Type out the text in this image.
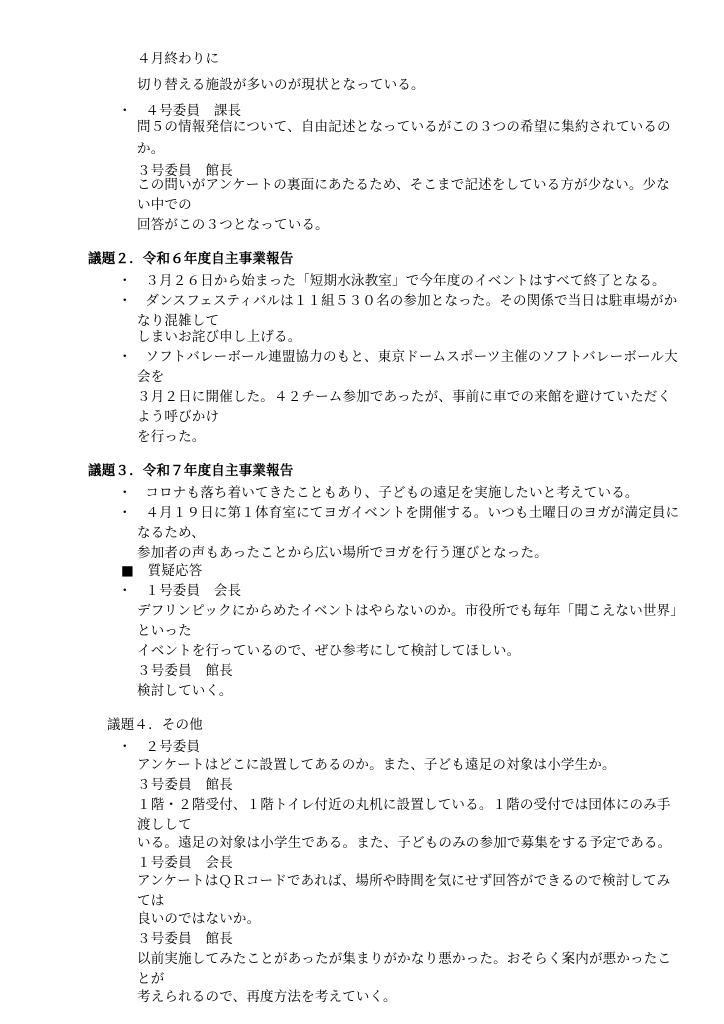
４月終わりに
切り替える施設が多いのが現状となっている。
・　４号委員　課長
問５の情報発信について、自由記述となっているがこの３つの希望に集約されているの
か。
３号委員　館長
この問いがアンケートの裏面にあたるため、そこまで記述をしている方が少ない。少な
い中での
回答がこの３つとなっている。
議題２．令和６年度自主事業報告
・　３月２６日から始まった「短期水泳教室」で今年度のイベントはすべて終了となる。
・　ダンスフェスティバルは１１組５３０名の参加となった。その関係で当日は駐車場がか
なり混雑して
しまいお詫び申し上げる。
・　ソフトバレーボール連盟協力のもと、東京ドームスポーツ主催のソフトバレーボール大
会を
３月２日に開催した。４２チーム参加であったが、事前に車での来館を避けていただく
よう呼びかけ
を行った。
議題３．令和７年度自主事業報告
・　コロナも落ち着いてきたこともあり、子どもの遠足を実施したいと考えている。
・　４月１９日に第１体育室にてヨガイベントを開催する。いつも土曜日のヨガが満定員に
なるため、
参加者の声もあったことから広い場所でヨガを行う運びとなった。
■　質疑応答
・　１号委員　会長
デフリンピックにからめたイベントはやらないのか。市役所でも毎年「聞こえない世界」
といった
イベントを行っているので、ぜひ参考にして検討してほしい。
３号委員　館長
検討していく。
議題４．その他
・　２号委員
アンケートはどこに設置してあるのか。また、子ども遠足の対象は小学生か。
３号委員　館長
１階・２階受付、１階トイレ付近の丸机に設置している。１階の受付では団体にのみ手
渡しして
いる。遠足の対象は小学生である。また、子どものみの参加で募集をする予定である。
１号委員　会長
アンケートはＱＲコードであれば、場所や時間を気にせず回答ができるので検討してみ
ては
良いのではないか。
３号委員　館長
以前実施してみたことがあったが集まりがかなり悪かった。おそらく案内が悪かったこ
とが
考えられるので、再度方法を考えていく。
